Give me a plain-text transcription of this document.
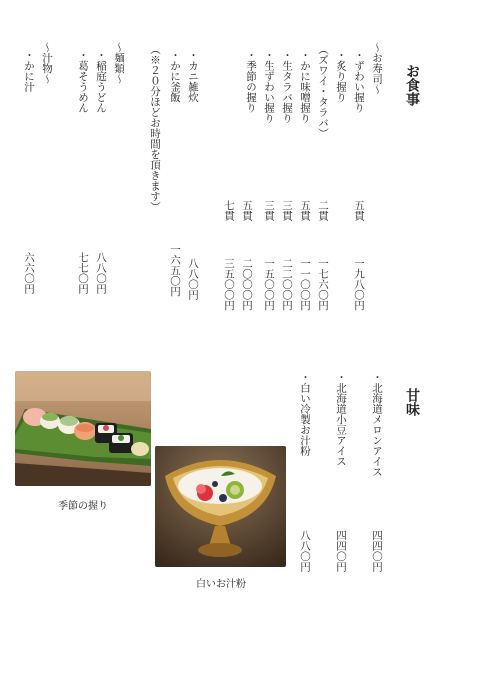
お食事
〜お寿司〜
・ずわい握り
五貫
一九八〇円
・炙り握り
（ズワイ・タラバ）
二貫
一七六〇円
・かに味噌握り
五貫
一一〇〇円
・生タラバ握り
三貫
二二〇〇円
・生ずわい握り
三貫
一五〇〇円
・季節の握り
五貫
二〇〇〇円
七貫
三五〇〇円
・カニ雑炊
八八〇円
・かに釜飯
一六五〇円
（※２０分ほどお時間を頂きます）
〜麺類〜
・稲庭うどん
八八〇円
・葛そうめん
七七〇円
〜汁物〜
・かに汁
六六〇円
甘味
・北海道メロンアイス
四四〇円
・北海道小豆アイス
四四〇円
・白い冷製お汁粉
八八〇円
季節の握り
白いお汁粉
